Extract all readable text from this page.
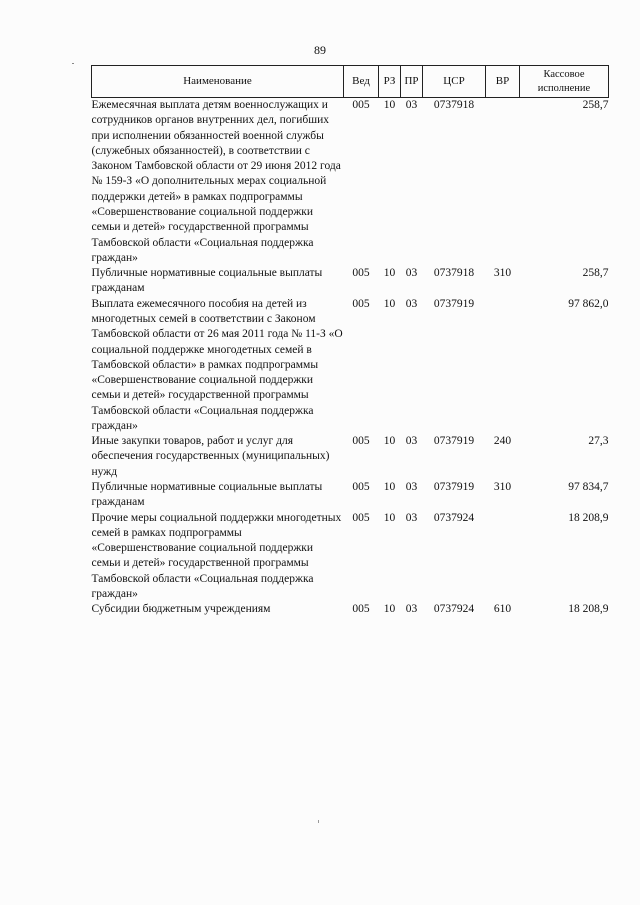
89
Наименование	Вед	РЗ	ПР	ЦСР	ВР	Кассовое исполнение
Ежемесячная выплата детям военнослужащих и сотрудников органов внутренних дел, погибших при исполнении обязанностей военной службы (служебных обязанностей), в соответствии с Законом Тамбовской области от 29 июня 2012 года № 159-З «О дополнительных мерах социальной поддержки детей» в рамках подпрограммы «Совершенствование социальной поддержки семьи и детей» государственной программы Тамбовской области «Социальная поддержка граждан»	005	10	03	0737918		258,7
Публичные нормативные социальные выплаты гражданам	005	10	03	0737918	310	258,7
Выплата ежемесячного пособия на детей из многодетных семей в соответствии с Законом Тамбовской области от 26 мая 2011 года № 11-З «О социальной поддержке многодетных семей в Тамбовской области» в рамках подпрограммы «Совершенствование социальной поддержки семьи и детей» государственной программы Тамбовской области «Социальная поддержка граждан»	005	10	03	0737919		97 862,0
Иные закупки товаров, работ и услуг для обеспечения государственных (муниципальных) нужд	005	10	03	0737919	240	27,3
Публичные нормативные социальные выплаты гражданам	005	10	03	0737919	310	97 834,7
Прочие меры социальной поддержки многодетных семей в рамках подпрограммы «Совершенствование социальной поддержки семьи и детей» государственной программы Тамбовской области «Социальная поддержка граждан»	005	10	03	0737924		18 208,9
Субсидии бюджетным учреждениям	005	10	03	0737924	610	18 208,9
